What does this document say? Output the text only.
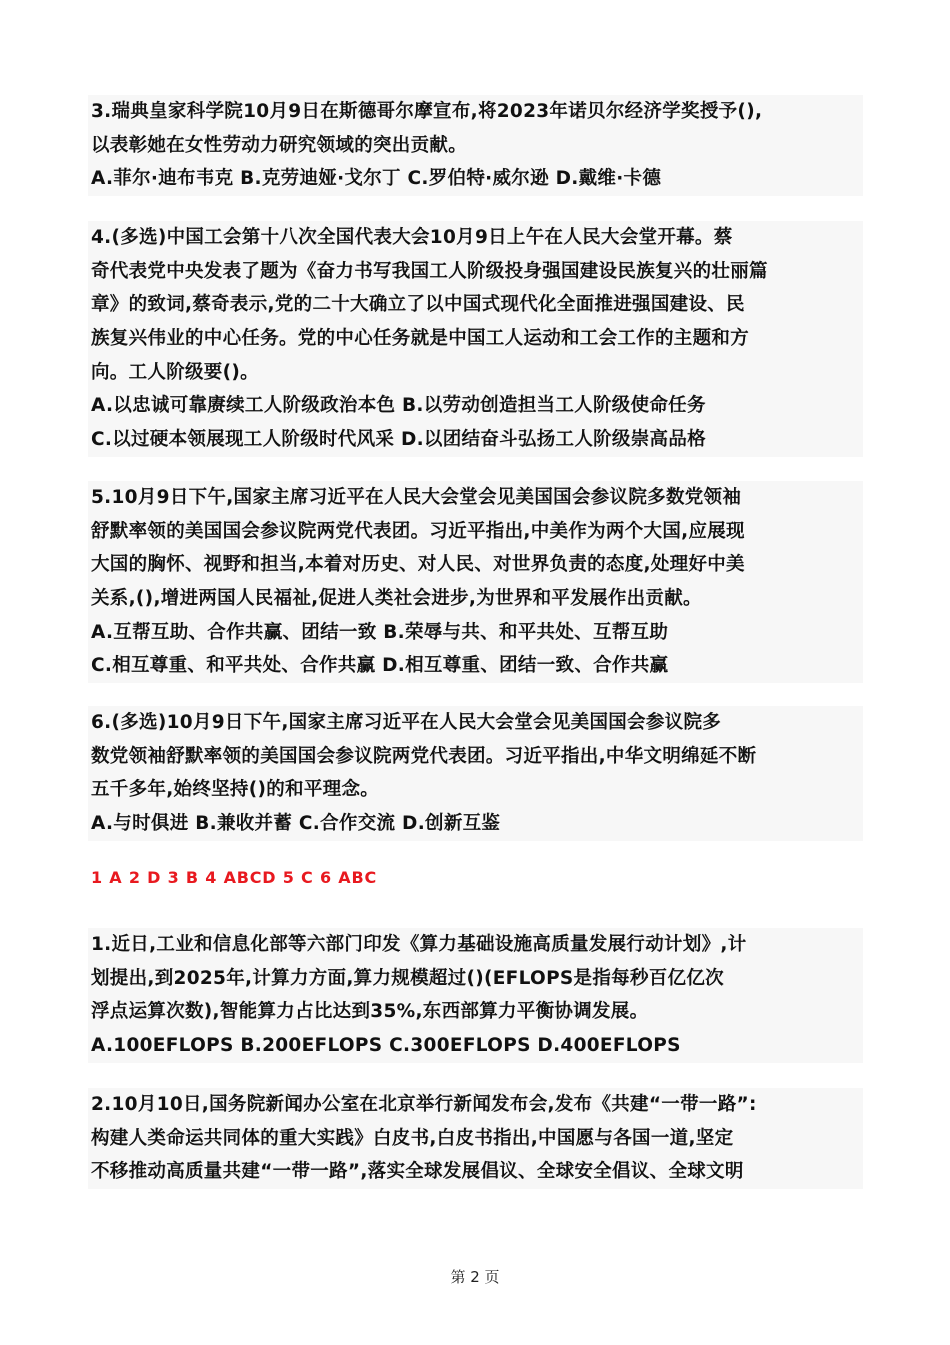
3.瑞典皇家科学院10月9日在斯德哥尔摩宣布,将2023年诺贝尔经济学奖授予(),
以表彰她在女性劳动力研究领域的突出贡献。
A.菲尔·迪布韦克 B.克劳迪娅·戈尔丁 C.罗伯特·威尔逊 D.戴维·卡德
4.(多选)中国工会第十八次全国代表大会10月9日上午在人民大会堂开幕。蔡
奇代表党中央发表了题为《奋力书写我国工人阶级投身强国建设民族复兴的壮丽篇
章》的致词,蔡奇表示,党的二十大确立了以中国式现代化全面推进强国建设、民
族复兴伟业的中心任务。党的中心任务就是中国工人运动和工会工作的主题和方
向。工人阶级要()。
A.以忠诚可靠赓续工人阶级政治本色 B.以劳动创造担当工人阶级使命任务
C.以过硬本领展现工人阶级时代风采 D.以团结奋斗弘扬工人阶级崇高品格
5.10月9日下午,国家主席习近平在人民大会堂会见美国国会参议院多数党领袖
舒默率领的美国国会参议院两党代表团。习近平指出,中美作为两个大国,应展现
大国的胸怀、视野和担当,本着对历史、对人民、对世界负责的态度,处理好中美
关系,(),增进两国人民福祉,促进人类社会进步,为世界和平发展作出贡献。
A.互帮互助、合作共赢、团结一致 B.荣辱与共、和平共处、互帮互助
C.相互尊重、和平共处、合作共赢 D.相互尊重、团结一致、合作共赢
6.(多选)10月9日下午,国家主席习近平在人民大会堂会见美国国会参议院多
数党领袖舒默率领的美国国会参议院两党代表团。习近平指出,中华文明绵延不断
五千多年,始终坚持()的和平理念。
A.与时俱进 B.兼收并蓄 C.合作交流 D.创新互鉴
1 A 2 D 3 B 4 ABCD 5 C 6 ABC
1.近日,工业和信息化部等六部门印发《算力基础设施高质量发展行动计划》,计
划提出,到2025年,计算力方面,算力规模超过()(EFLOPS是指每秒百亿亿次
浮点运算次数),智能算力占比达到35%,东西部算力平衡协调发展。
A.100EFLOPS B.200EFLOPS C.300EFLOPS D.400EFLOPS
2.10月10日,国务院新闻办公室在北京举行新闻发布会,发布《共建“一带一路”:
构建人类命运共同体的重大实践》白皮书,白皮书指出,中国愿与各国一道,坚定
不移推动高质量共建“一带一路”,落实全球发展倡议、全球安全倡议、全球文明
第 2 页
